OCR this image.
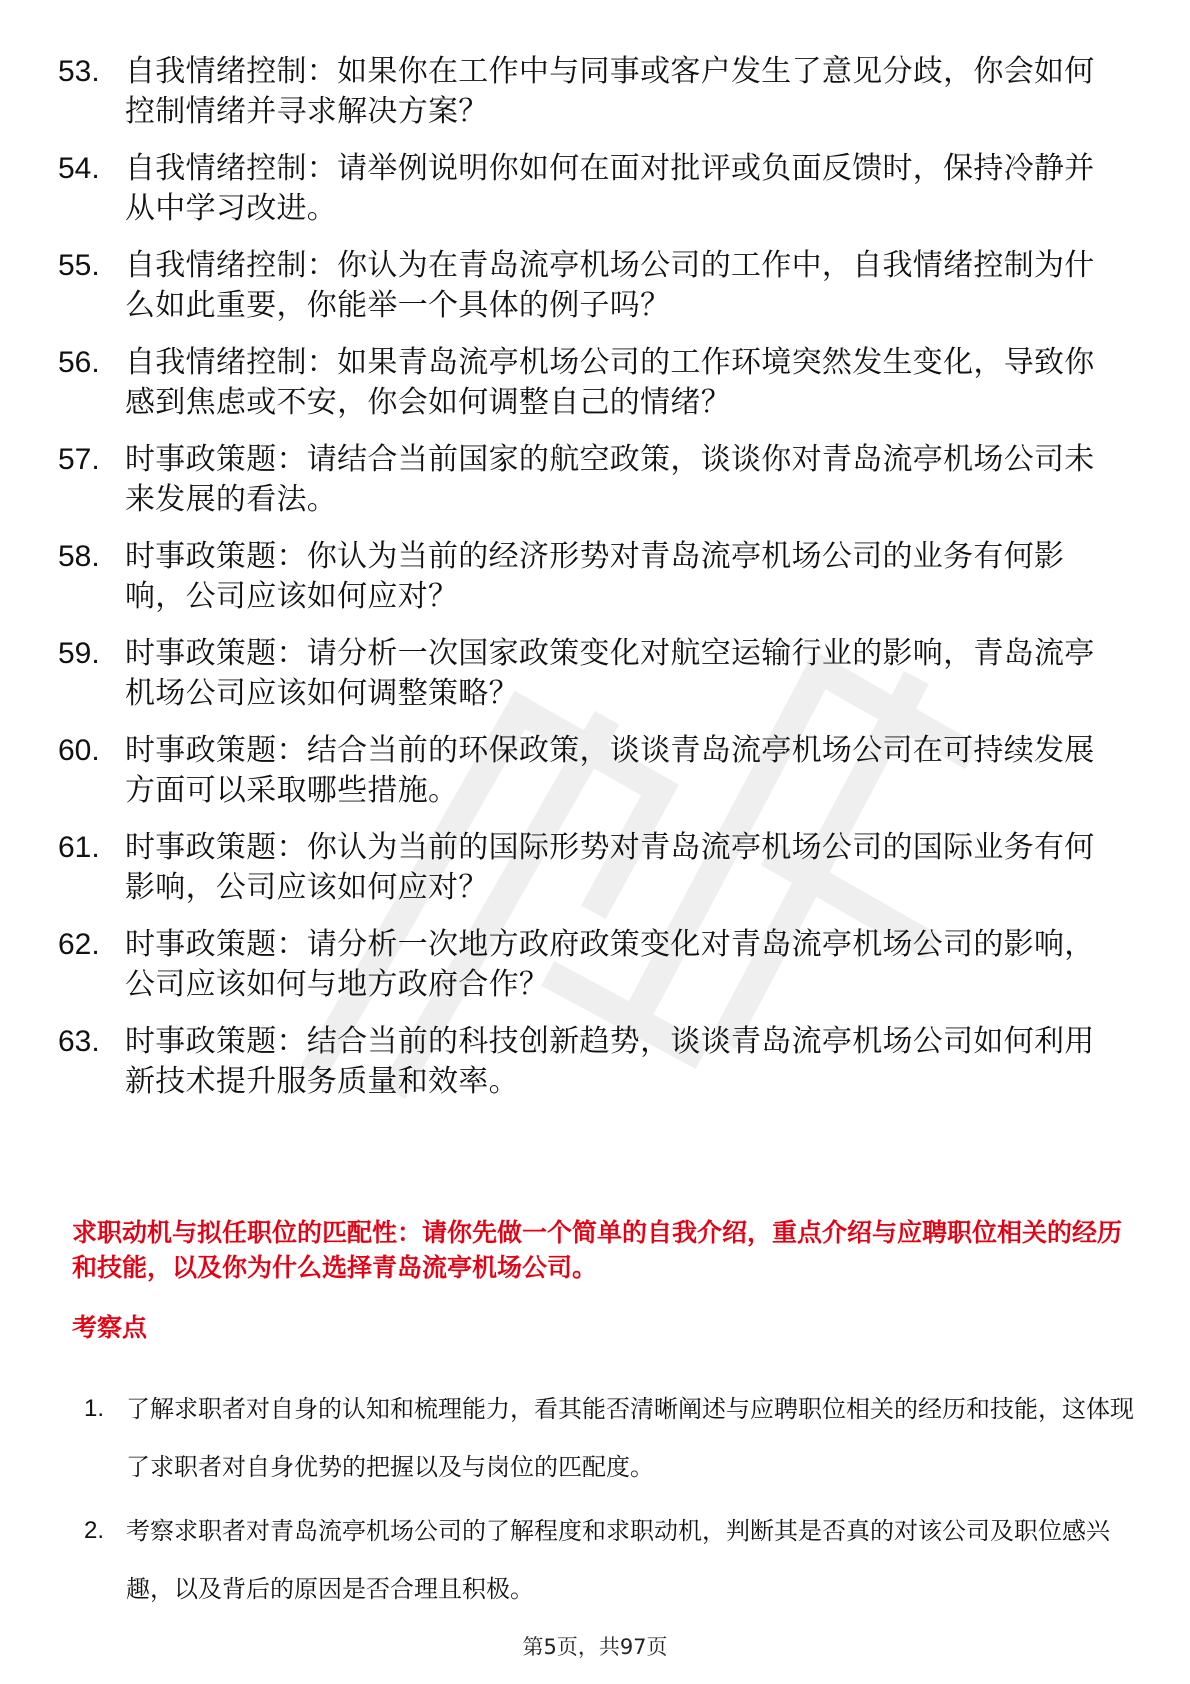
53. 自我情绪控制：如果你在工作中与同事或客户发生了意见分歧，你会如何控制情绪并寻求解决方案？
54. 自我情绪控制：请举例说明你如何在面对批评或负面反馈时，保持冷静并从中学习改进。
55. 自我情绪控制：你认为在青岛流亭机场公司的工作中，自我情绪控制为什么如此重要，你能举一个具体的例子吗？
56. 自我情绪控制：如果青岛流亭机场公司的工作环境突然发生变化，导致你感到焦虑或不安，你会如何调整自己的情绪？
57. 时事政策题：请结合当前国家的航空政策，谈谈你对青岛流亭机场公司未来发展的看法。
58. 时事政策题：你认为当前的经济形势对青岛流亭机场公司的业务有何影响，公司应该如何应对？
59. 时事政策题：请分析一次国家政策变化对航空运输行业的影响，青岛流亭机场公司应该如何调整策略？
60. 时事政策题：结合当前的环保政策，谈谈青岛流亭机场公司在可持续发展方面可以采取哪些措施。
61. 时事政策题：你认为当前的国际形势对青岛流亭机场公司的国际业务有何影响，公司应该如何应对？
62. 时事政策题：请分析一次地方政府政策变化对青岛流亭机场公司的影响，公司应该如何与地方政府合作？
63. 时事政策题：结合当前的科技创新趋势，谈谈青岛流亭机场公司如何利用新技术提升服务质量和效率。
求职动机与拟任职位的匹配性：请你先做一个简单的自我介绍，重点介绍与应聘职位相关的经历和技能，以及你为什么选择青岛流亭机场公司。
考察点
1. 了解求职者对自身的认知和梳理能力，看其能否清晰阐述与应聘职位相关的经历和技能，这体现了求职者对自身优势的把握以及与岗位的匹配度。
2. 考察求职者对青岛流亭机场公司的了解程度和求职动机，判断其是否真的对该公司及职位感兴趣，以及背后的原因是否合理且积极。
第5页，共97页
